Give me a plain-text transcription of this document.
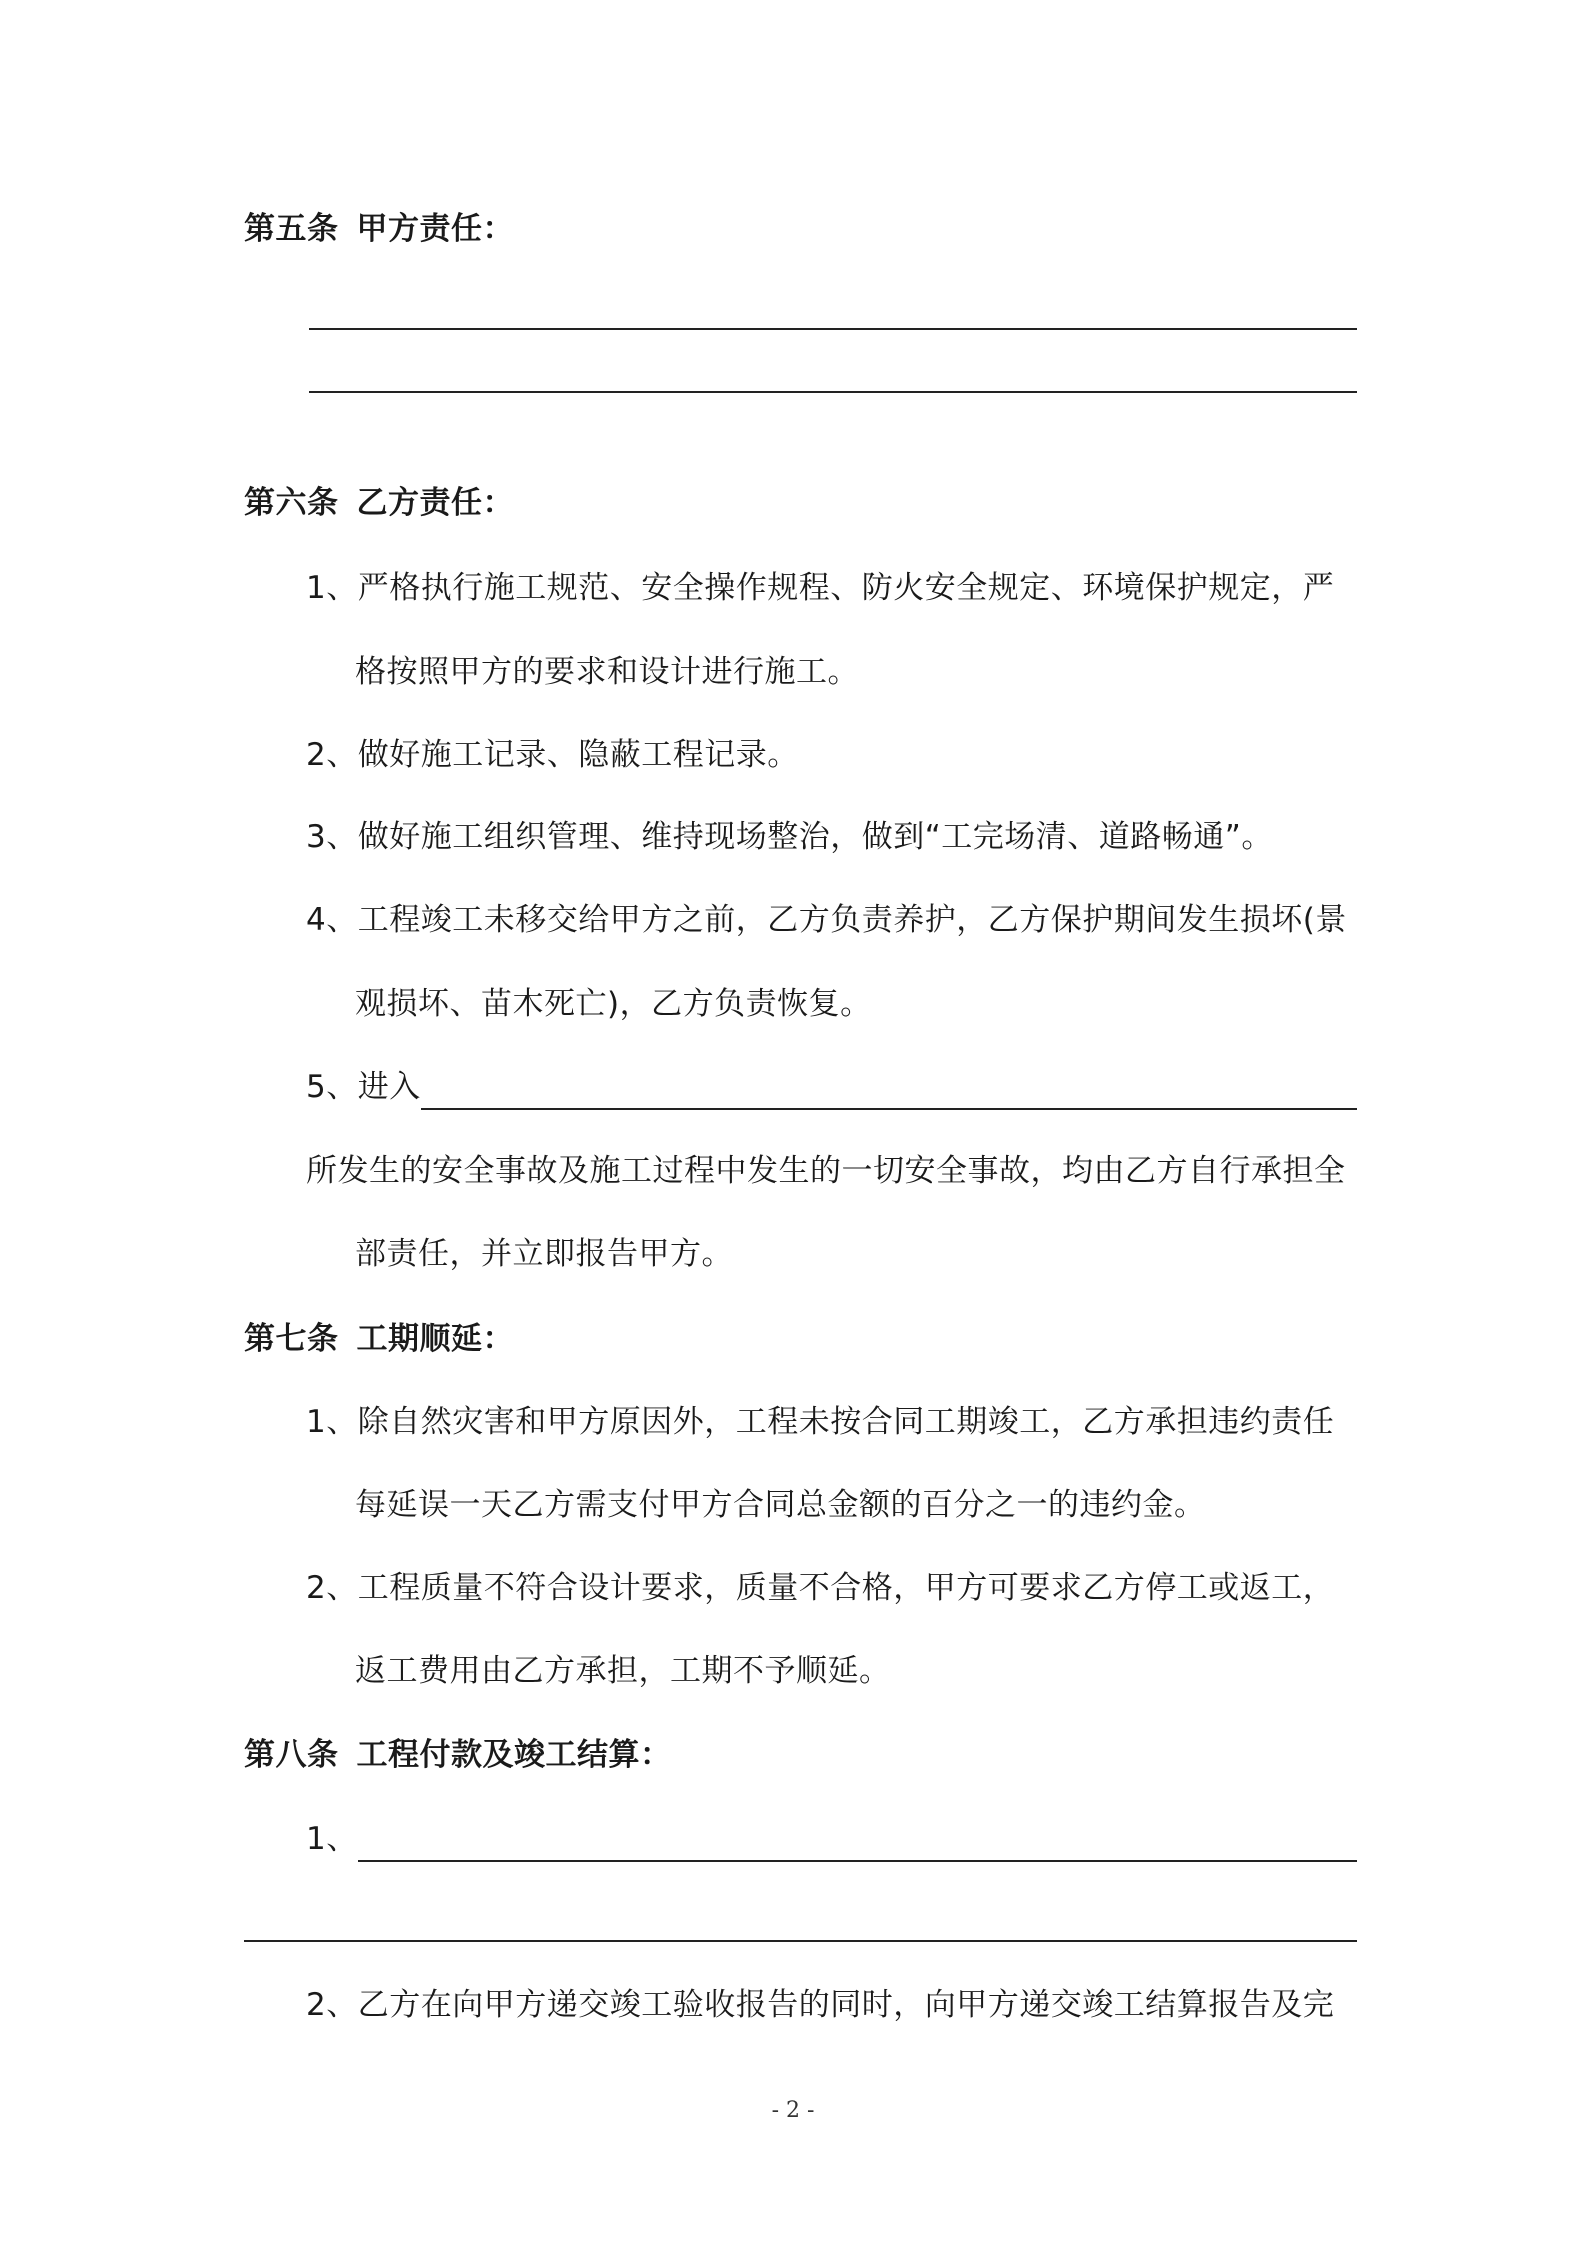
第五条 甲方责任：
第六条 乙方责任：
1、严格执行施工规范、安全操作规程、防火安全规定、环境保护规定，严
格按照甲方的要求和设计进行施工。
2、做好施工记录、隐蔽工程记录。
3、做好施工组织管理、维持现场整治，做到“工完场清、道路畅通”。
4、工程竣工未移交给甲方之前，乙方负责养护，乙方保护期间发生损坏(景
观损坏、苗木死亡)，乙方负责恢复。
5、进入
所发生的安全事故及施工过程中发生的一切安全事故，均由乙方自行承担全
部责任，并立即报告甲方。
第七条 工期顺延：
1、除自然灾害和甲方原因外，工程未按合同工期竣工，乙方承担违约责任
每延误一天乙方需支付甲方合同总金额的百分之一的违约金。
2、工程质量不符合设计要求，质量不合格，甲方可要求乙方停工或返工，
返工费用由乙方承担，工期不予顺延。
第八条 工程付款及竣工结算：
1、
2、乙方在向甲方递交竣工验收报告的同时，向甲方递交竣工结算报告及完
- 2 -
